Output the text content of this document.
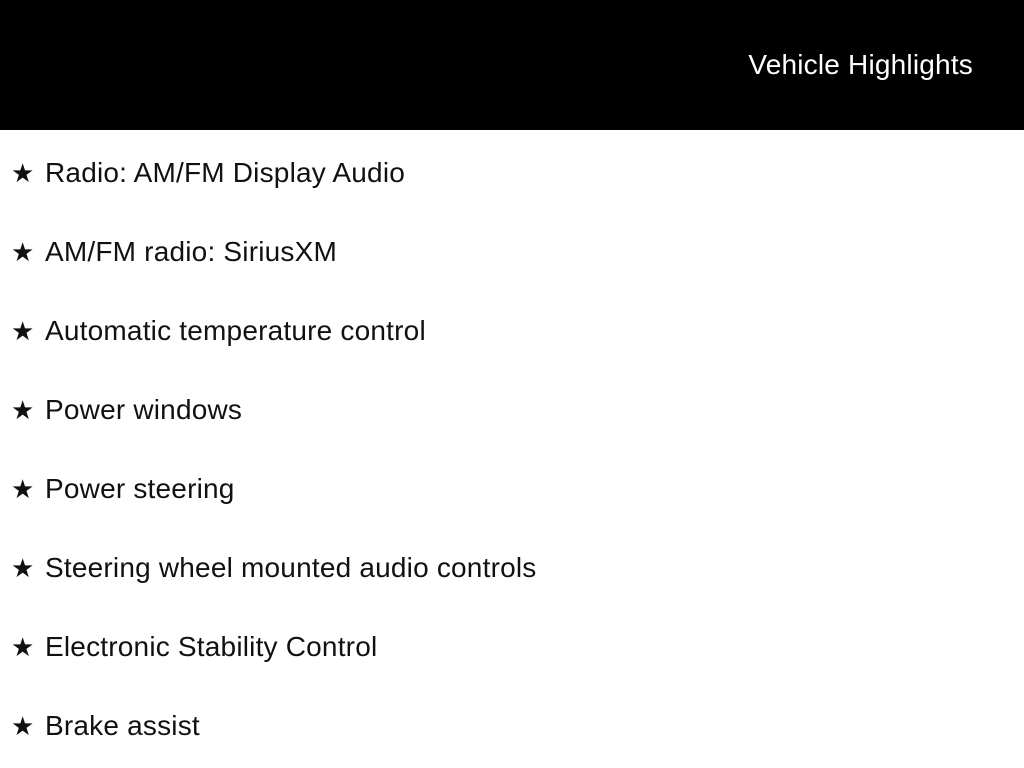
Vehicle Highlights
★ Radio: AM/FM Display Audio
★ AM/FM radio: SiriusXM
★ Automatic temperature control
★ Power windows
★ Power steering
★ Steering wheel mounted audio controls
★ Electronic Stability Control
★ Brake assist
